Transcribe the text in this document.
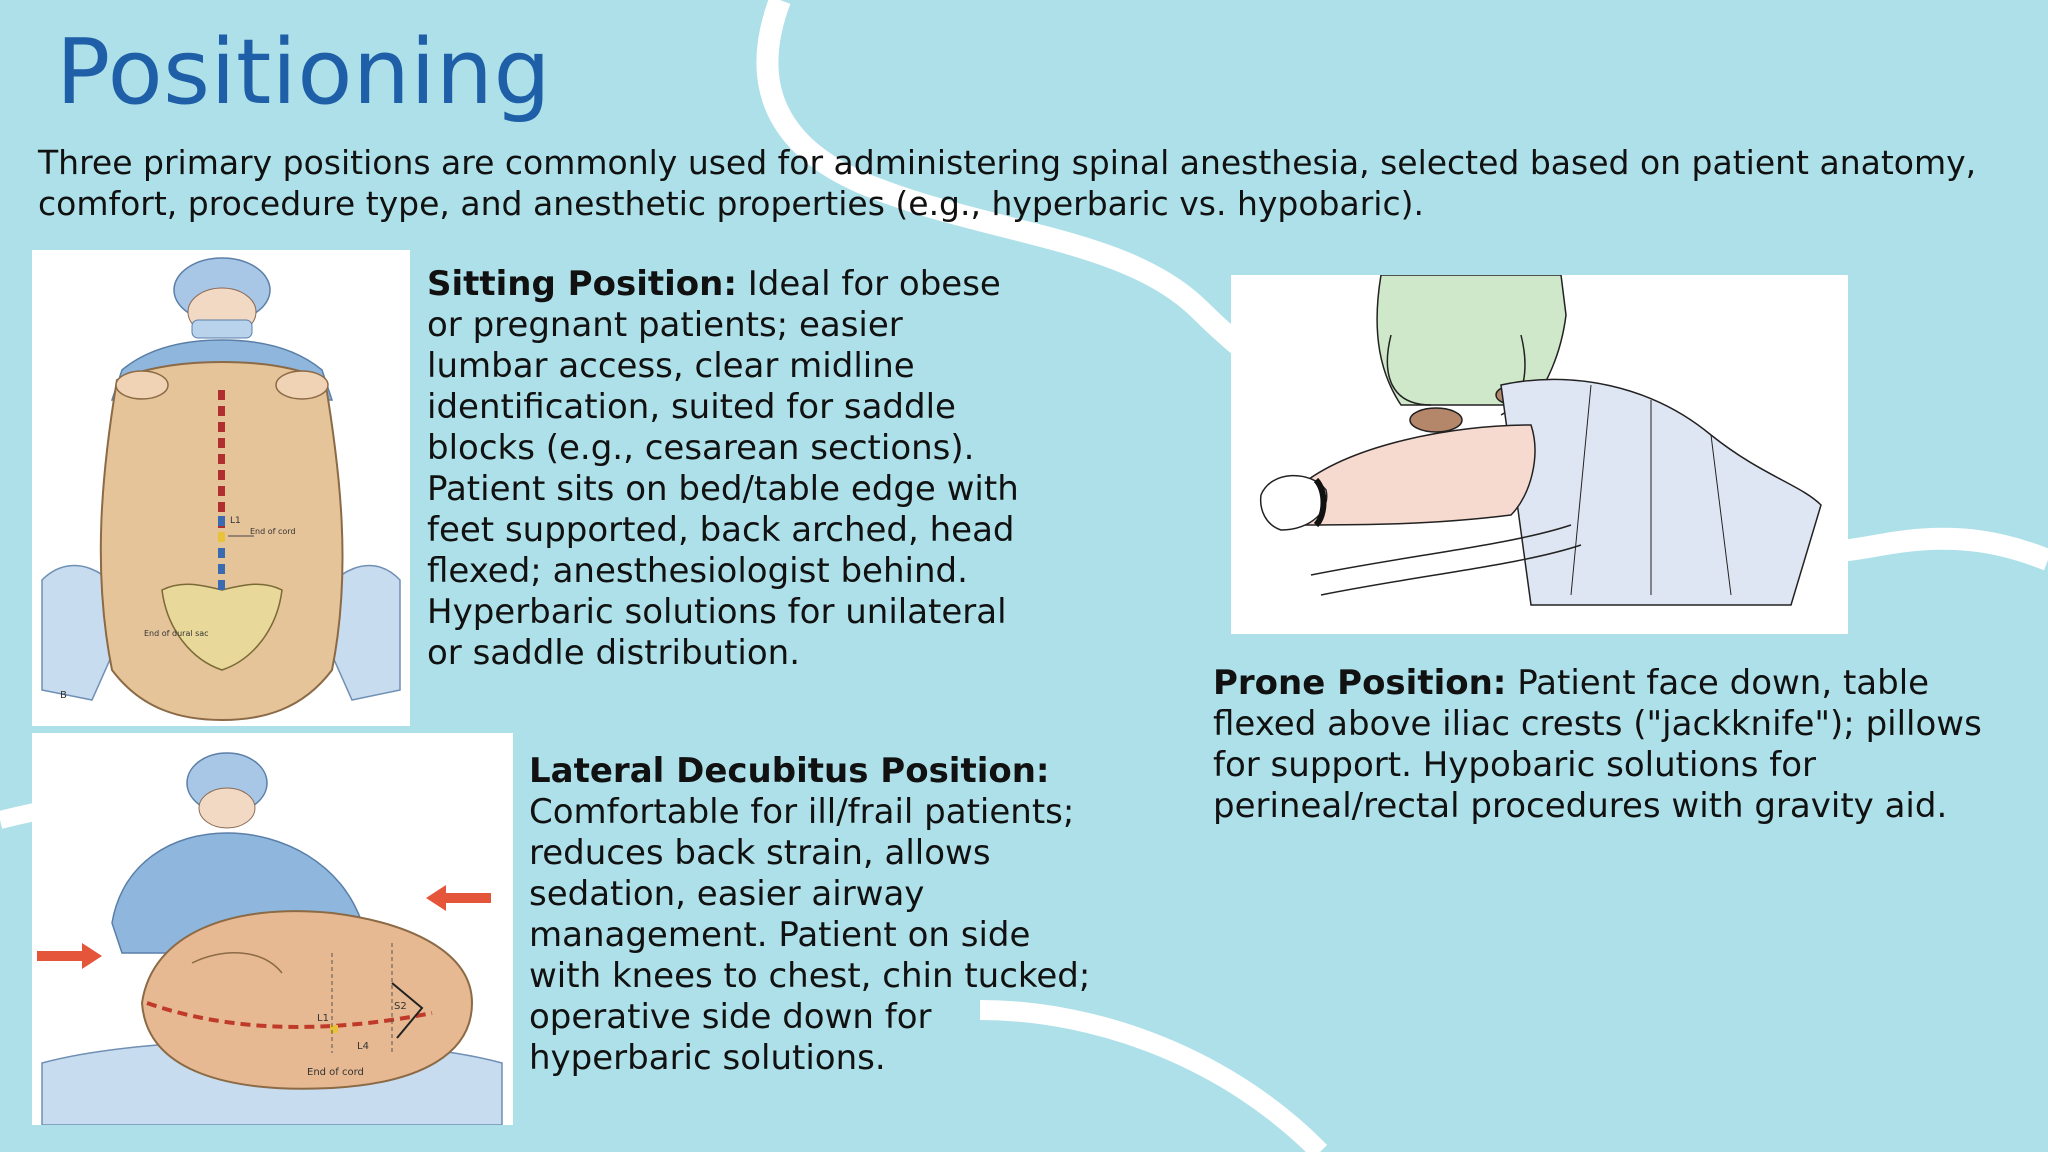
Positioning

Three primary positions are commonly used for administering spinal anesthesia, selected based on patient anatomy, comfort, procedure type, and anesthetic properties (e.g., hyperbaric vs. hypobaric).

L1
End of cord
End of dural sac
B

Sitting Position: Ideal for obese or pregnant patients; easier lumbar access, clear midline identification, suited for saddle blocks (e.g., cesarean sections). Patient sits on bed/table edge with feet supported, back arched, head flexed; anesthesiologist behind. Hyperbaric solutions for unilateral or saddle distribution.

L1
L4
S2
End of cord

Lateral Decubitus Position:
Comfortable for ill/frail patients; reduces back strain, allows sedation, easier airway management. Patient on side with knees to chest, chin tucked; operative side down for hyperbaric solutions.

Prone Position: Patient face down, table flexed above iliac crests ("jackknife"); pillows for support. Hypobaric solutions for perineal/rectal procedures with gravity aid.
